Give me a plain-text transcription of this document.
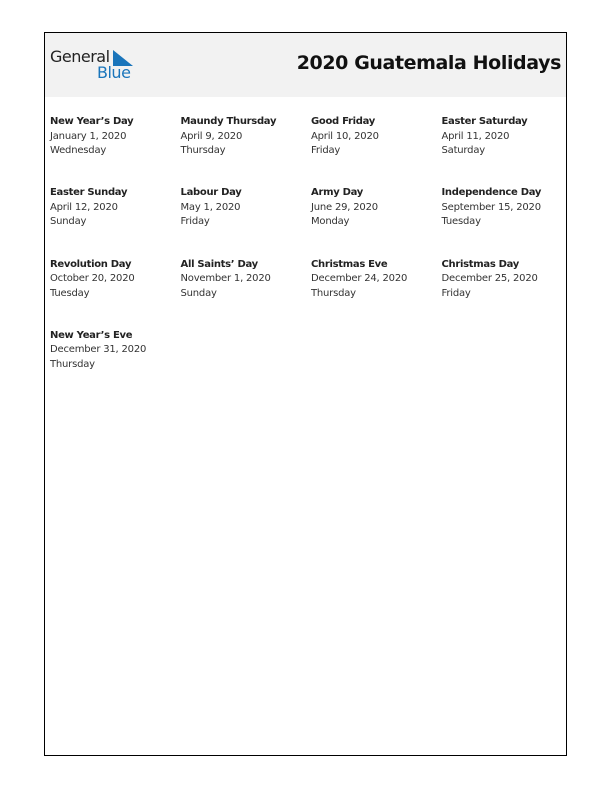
General
Blue	2020 Guatemala Holidays
New Year’s Day
January 1, 2020
Wednesday
Maundy Thursday
April 9, 2020
Thursday
Good Friday
April 10, 2020
Friday
Easter Saturday
April 11, 2020
Saturday
Easter Sunday
April 12, 2020
Sunday
Labour Day
May 1, 2020
Friday
Army Day
June 29, 2020
Monday
Independence Day
September 15, 2020
Tuesday
Revolution Day
October 20, 2020
Tuesday
All Saints’ Day
November 1, 2020
Sunday
Christmas Eve
December 24, 2020
Thursday
Christmas Day
December 25, 2020
Friday
New Year’s Eve
December 31, 2020
Thursday
